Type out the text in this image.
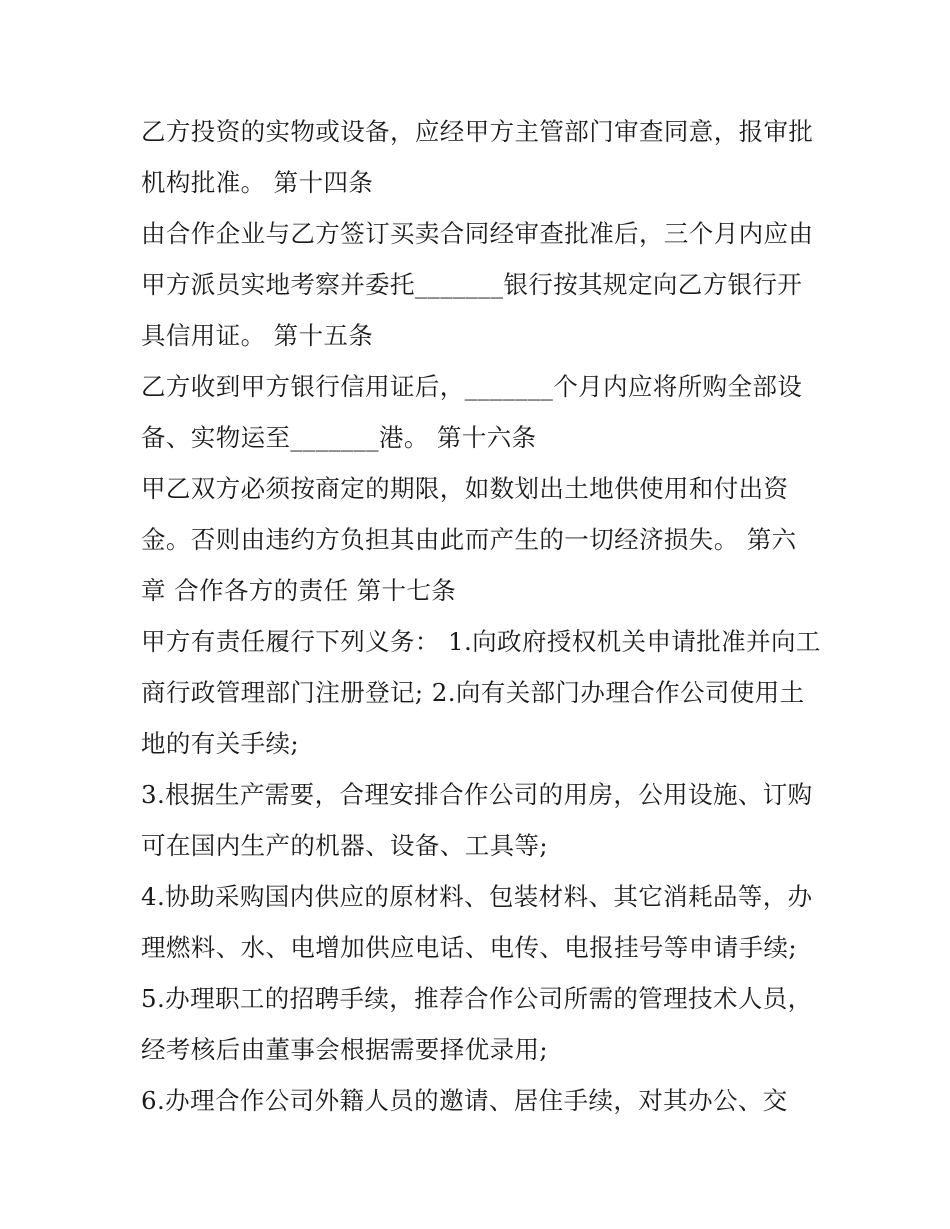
乙方投资的实物或设备，应经甲方主管部门审查同意，报审批
机构批准。 第十四条
由合作企业与乙方签订买卖合同经审查批准后，三个月内应由
甲方派员实地考察并委托_______银行按其规定向乙方银行开
具信用证。 第十五条
乙方收到甲方银行信用证后，_______个月内应将所购全部设
备、实物运至_______港。 第十六条
甲乙双方必须按商定的期限，如数划出土地供使用和付出资
金。否则由违约方负担其由此而产生的一切经济损失。 第六
章 合作各方的责任 第十七条
甲方有责任履行下列义务： 1.向政府授权机关申请批准并向工
商行政管理部门注册登记; 2.向有关部门办理合作公司使用土
地的有关手续;
3.根据生产需要，合理安排合作公司的用房，公用设施、订购
可在国内生产的机器、设备、工具等;
4.协助采购国内供应的原材料、包装材料、其它消耗品等，办
理燃料、水、电增加供应电话、电传、电报挂号等申请手续;
5.办理职工的招聘手续，推荐合作公司所需的管理技术人员，
经考核后由董事会根据需要择优录用;
6.办理合作公司外籍人员的邀请、居住手续，对其办公、交
